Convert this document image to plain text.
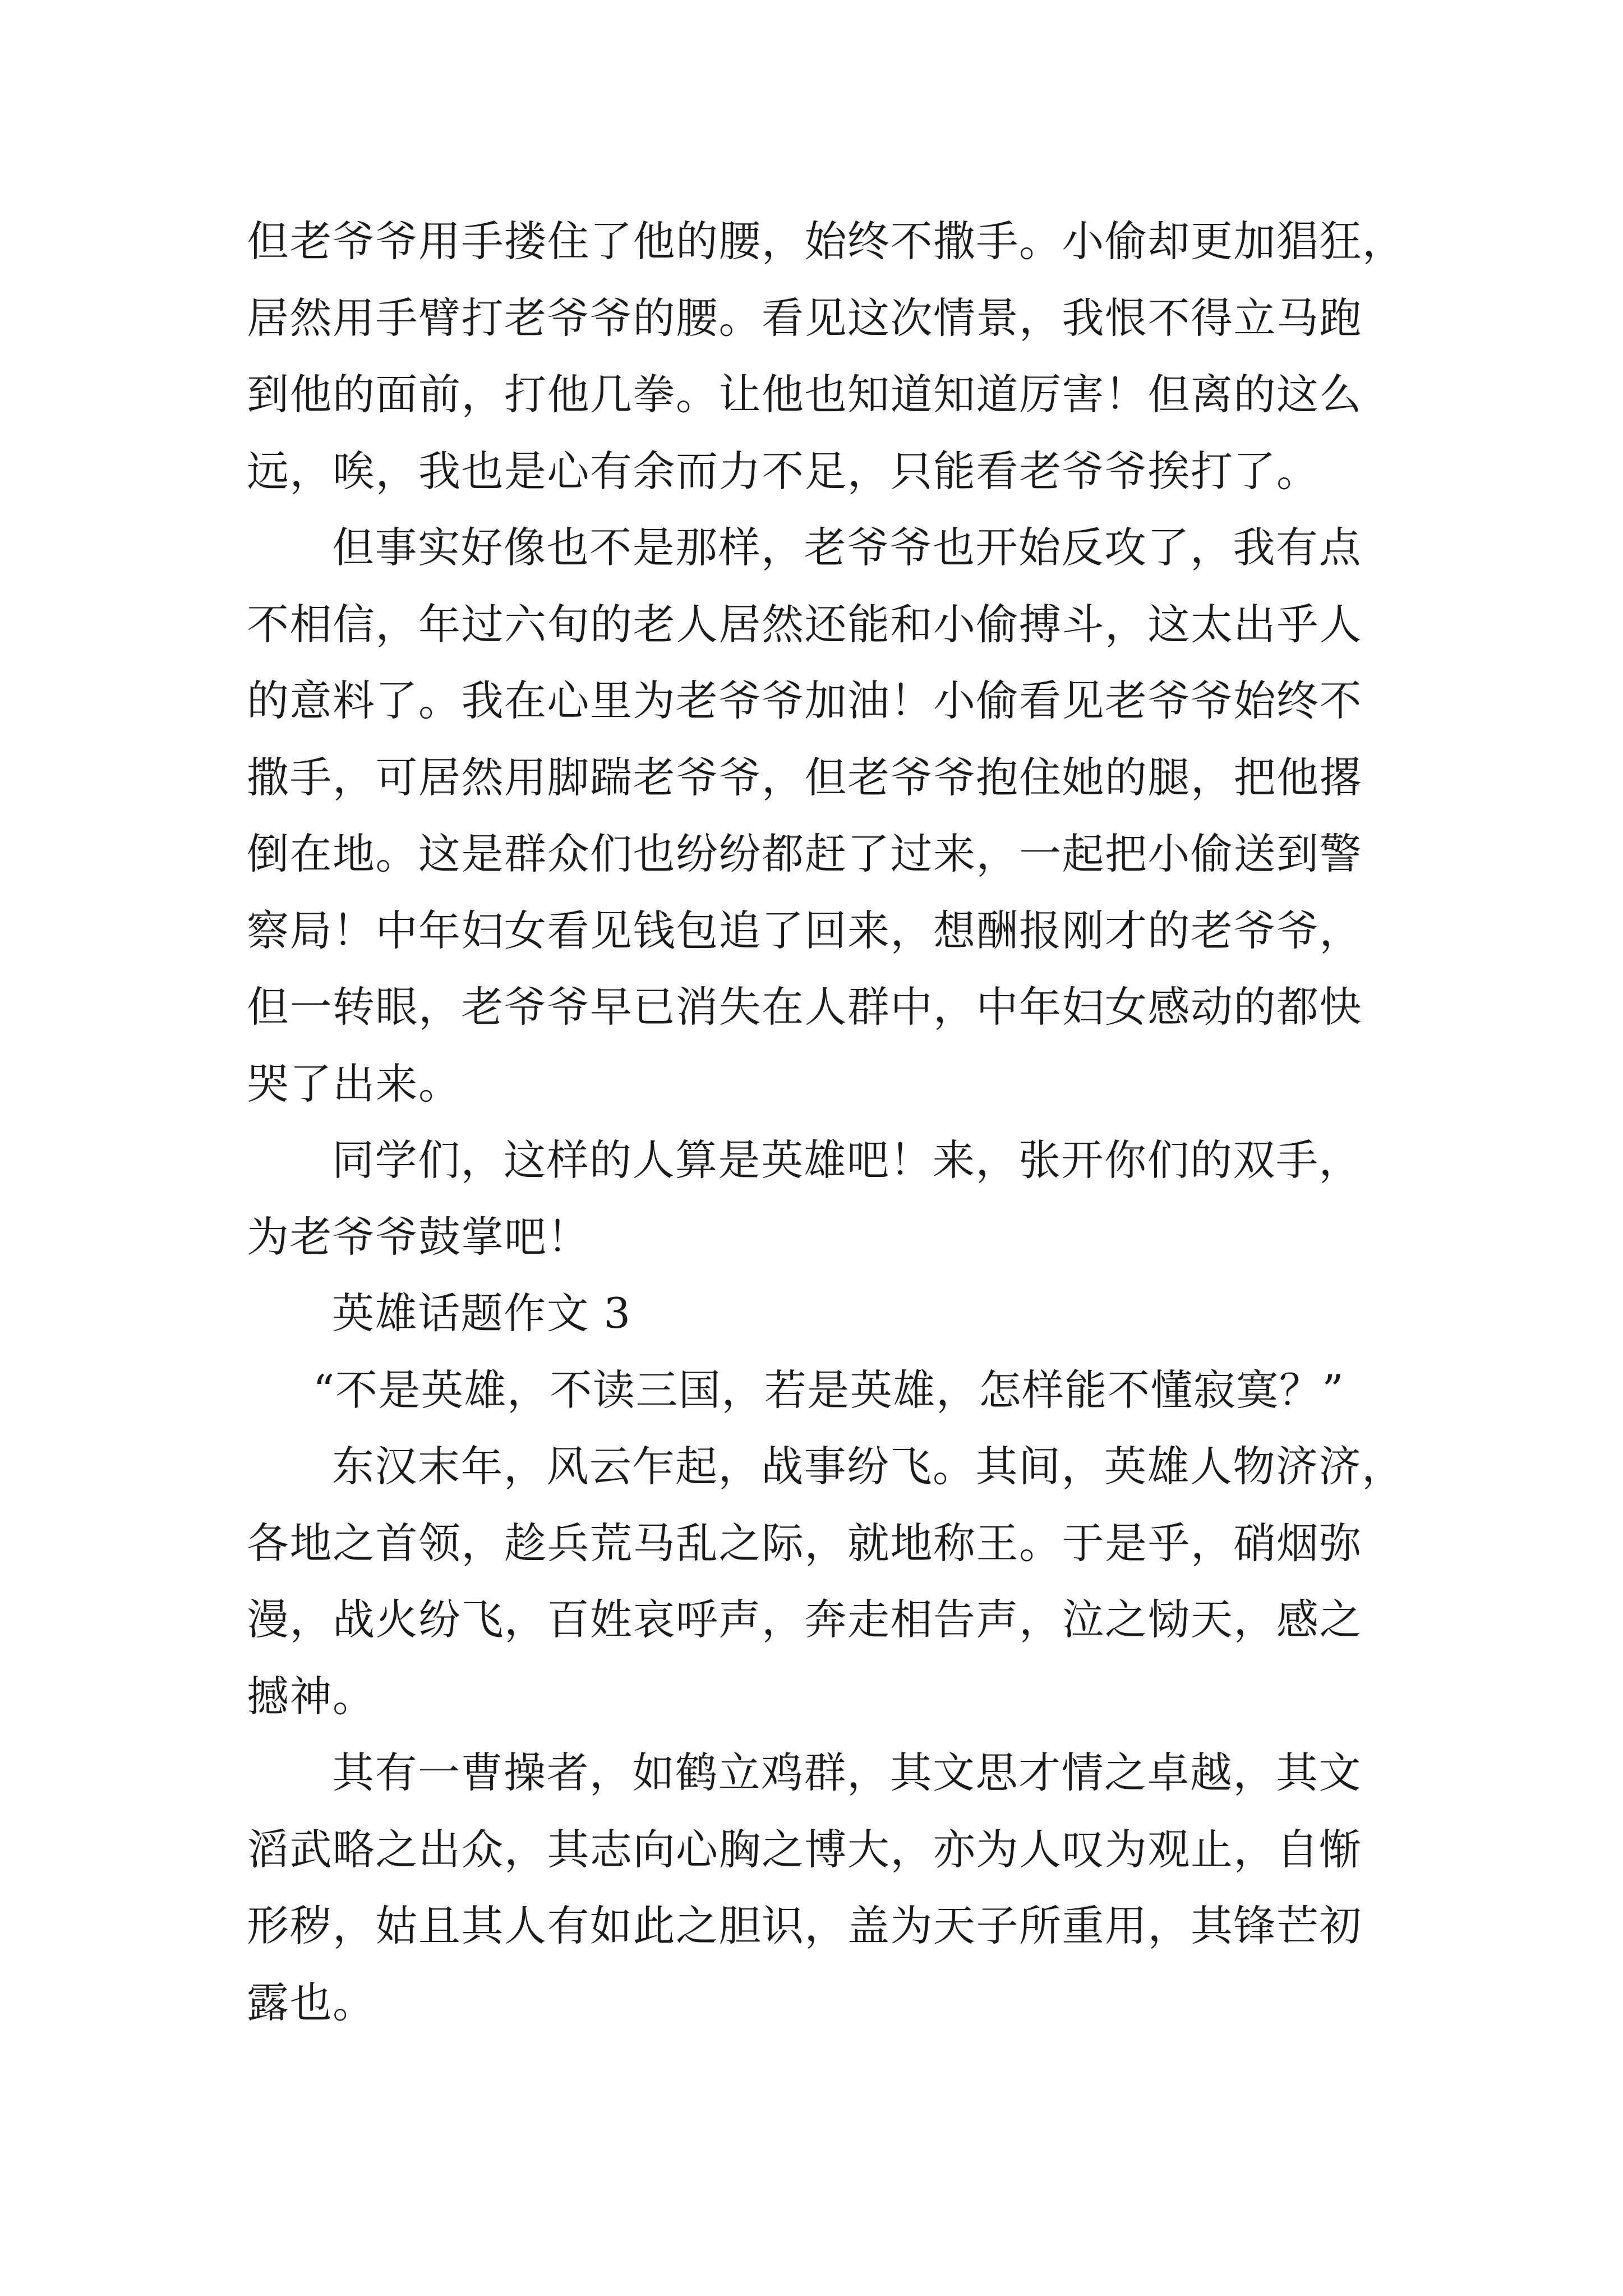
但老爷爷用手搂住了他的腰，始终不撒手。小偷却更加猖狂，
居然用手臂打老爷爷的腰。看见这次情景，我恨不得立马跑
到他的面前，打他几拳。让他也知道知道厉害！但离的这么
远，唉，我也是心有余而力不足，只能看老爷爷挨打了。
但事实好像也不是那样，老爷爷也开始反攻了，我有点
不相信，年过六旬的老人居然还能和小偷搏斗，这太出乎人
的意料了。我在心里为老爷爷加油！小偷看见老爷爷始终不
撒手，可居然用脚踹老爷爷，但老爷爷抱住她的腿，把他撂
倒在地。这是群众们也纷纷都赶了过来，一起把小偷送到警
察局！中年妇女看见钱包追了回来，想酬报刚才的老爷爷，
但一转眼，老爷爷早已消失在人群中，中年妇女感动的都快
哭了出来。
同学们，这样的人算是英雄吧！来，张开你们的双手，
为老爷爷鼓掌吧！
英雄话题作文 3
“不是英雄，不读三国，若是英雄，怎样能不懂寂寞？”
东汉末年，风云乍起，战事纷飞。其间，英雄人物济济，
各地之首领，趁兵荒马乱之际，就地称王。于是乎，硝烟弥
漫，战火纷飞，百姓哀呼声，奔走相告声，泣之恸天，感之
撼神。
其有一曹操者，如鹤立鸡群，其文思才情之卓越，其文
滔武略之出众，其志向心胸之博大，亦为人叹为观止，自惭
形秽，姑且其人有如此之胆识，盖为天子所重用，其锋芒初
露也。
